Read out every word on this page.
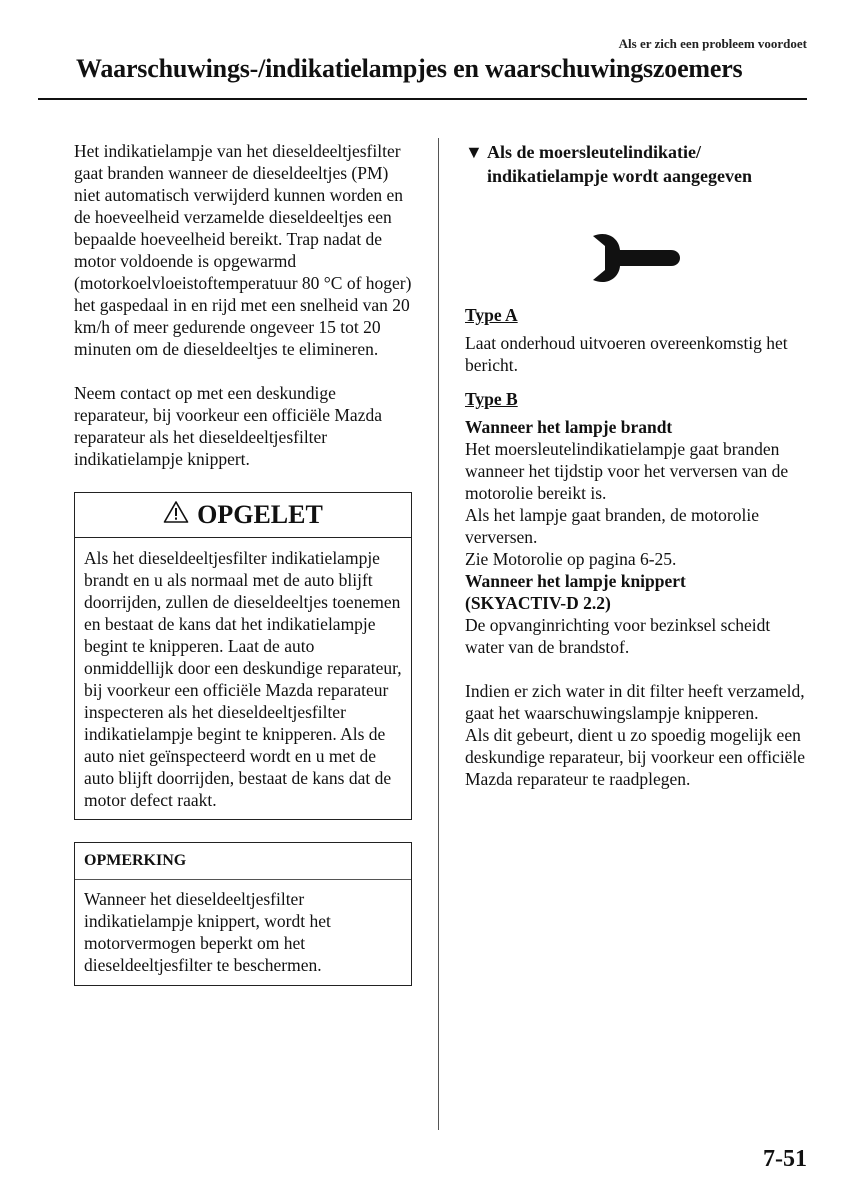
Als er zich een probleem voordoet
Waarschuwings-/indikatielampjes en waarschuwingszoemers

Het indikatielampje van het dieseldeeltjesfilter gaat branden wanneer de dieseldeeltjes (PM) niet automatisch verwijderd kunnen worden en de hoeveelheid verzamelde dieseldeeltjes een bepaalde hoeveelheid bereikt. Trap nadat de motor voldoende is opgewarmd (motorkoelvloeistoftemperatuur 80 °C of hoger) het gaspedaal in en rijd met een snelheid van 20 km/h of meer gedurende ongeveer 15 tot 20 minuten om de dieseldeeltjes te elimineren.

Neem contact op met een deskundige reparateur, bij voorkeur een officiële Mazda reparateur als het dieseldeeltjesfilter indikatielampje knippert.

OPGELET

Als het dieseldeeltjesfilter indikatielampje brandt en u als normaal met de auto blijft doorrijden, zullen de dieseldeeltjes toenemen en bestaat de kans dat het indikatielampje begint te knipperen. Laat de auto onmiddellijk door een deskundige reparateur, bij voorkeur een officiële Mazda reparateur inspecteren als het dieseldeeltjesfilter indikatielampje begint te knipperen. Als de auto niet geïnspecteerd wordt en u met de auto blijft doorrijden, bestaat de kans dat de motor defect raakt.

OPMERKING

Wanneer het dieseldeeltjesfilter indikatielampje knippert, wordt het motorvermogen beperkt om het dieseldeeltjesfilter te beschermen.

▼ Als de moersleutelindikatie/ indikatielampje wordt aangegeven
Type A

Laat onderhoud uitvoeren overeenkomstig het bericht.

Type B

Wanneer het lampje brandt

Het moersleutelindikatielampje gaat branden wanneer het tijdstip voor het verversen van de motorolie bereikt is.

Als het lampje gaat branden, de motorolie verversen.

Zie Motorolie op pagina 6-25.

Wanneer het lampje knippert

(SKYACTIV-D 2.2)

De opvanginrichting voor bezinksel scheidt water van de brandstof.

Indien er zich water in dit filter heeft verzameld, gaat het waarschuwingslampje knipperen.

Als dit gebeurt, dient u zo spoedig mogelijk een deskundige reparateur, bij voorkeur een officiële Mazda reparateur te raadplegen.

7-51
